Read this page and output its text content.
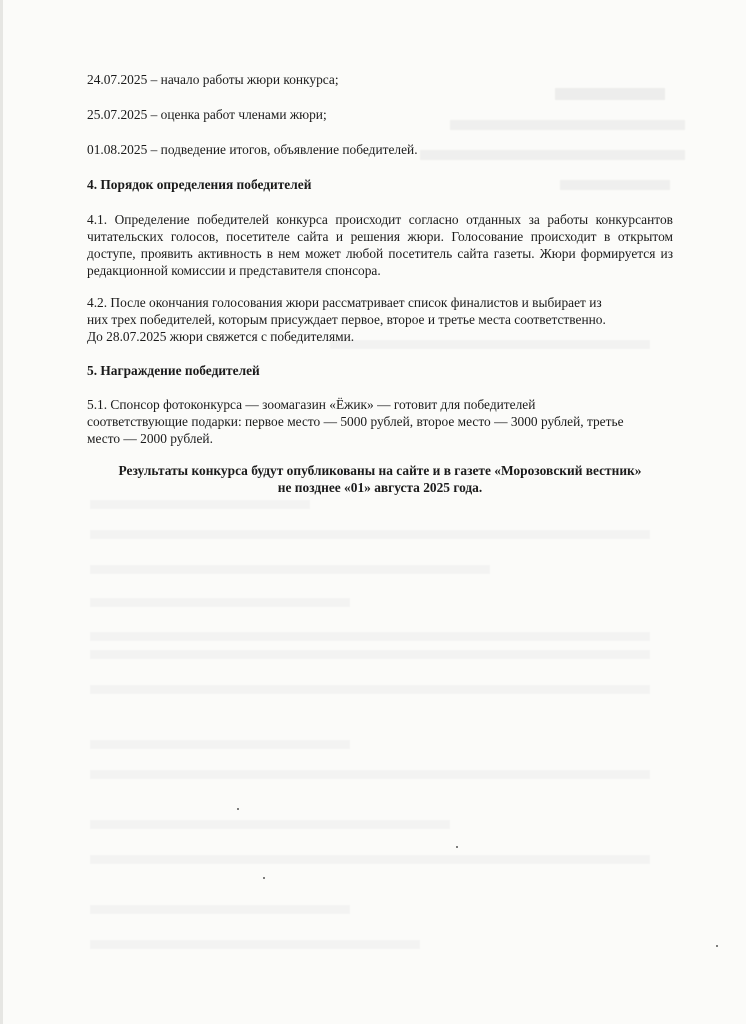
24.07.2025 – начало работы жюри конкурса;
25.07.2025 – оценка работ членами жюри;
01.08.2025 – подведение итогов, объявление победителей.
4. Порядок определения победителей
4.1. Определение победителей конкурса происходит согласно отданных за работы конкурсантов читательских голосов, посетителе сайта и решения жюри. Голосование происходит в открытом доступе, проявить активность в нем может любой посетитель сайта газеты. Жюри формируется из редакционной комиссии и представителя спонсора.
4.2. После окончания голосования жюри рассматривает список финалистов и выбирает из
них трех победителей, которым присуждает первое, второе и третье места соответственно.
До 28.07.2025 жюри свяжется с победителями.
5. Награждение победителей
5.1. Спонсор фотоконкурса — зоомагазин «Ёжик» — готовит для победителей
соответствующие подарки: первое место — 5000 рублей, второе место — 3000 рублей, третье
место — 2000 рублей.
Результаты конкурса будут опубликованы на сайте и в газете «Морозовский вестник»
не позднее «01» августа 2025 года.
